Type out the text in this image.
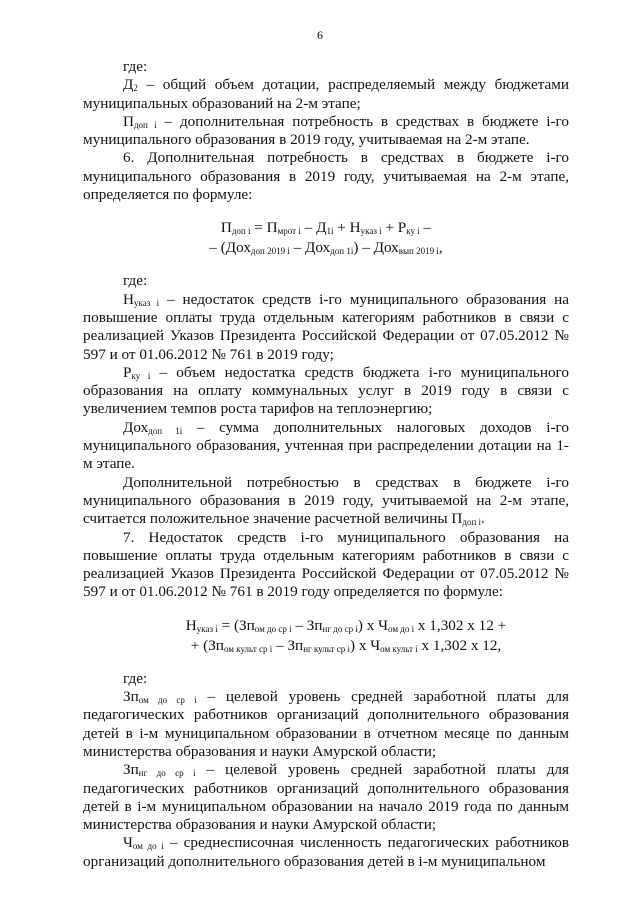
6

где:

$Д_2$ – общий объем дотации, распределяемый между бюджетами муниципальных образований на 2-м этапе;

$П_{доп i}$ – дополнительная потребность в средствах в бюджете i-го муниципального образования в 2019 году, учитываемая на 2-м этапе.

6. Дополнительная потребность в средствах в бюджете i-го муниципального образования в 2019 году, учитываемая на 2-м этапе, определяется по формуле:

$П_{доп i} = П_{мрот i} - Д_{1i} + Н_{указ i} + Р_{ку i}$ –

– (Дох$_{доп 2019 i}$ – Дох$_{доп 1i}$) – Дох$_{вып 2019 i}$,

где:

$Н_{указ i}$ – недостаток средств i-го муниципального образования на повышение оплаты труда отдельным категориям работников в связи с реализацией Указов Президента Российской Федерации от 07.05.2012 № 597 и от 01.06.2012 № 761 в 2019 году;

$Р_{ку i}$ – объем недостатка средств бюджета i-го муниципального образования на оплату коммунальных услуг в 2019 году в связи с увеличением темпов роста тарифов на теплоэнергию;

Дох$_{доп 1i}$ – сумма дополнительных налоговых доходов i-го муниципального образования, учтенная при распределении дотации на 1-м этапе.

Дополнительной потребностью в средствах в бюджете i-го муниципального образования в 2019 году, учитываемой на 2-м этапе, считается положительное значение расчетной величины $П_{доп i}$.

7. Недостаток средств i-го муниципального образования на повышение оплаты труда отдельным категориям работников в связи с реализацией Указов Президента Российской Федерации от 07.05.2012 № 597 и от 01.06.2012 № 761 в 2019 году определяется по формуле:

$Н_{указ i} = (Зп_{ом до ср i} - Зп_{нг до ср i})$ х $Ч_{ом до i}$ х 1,302 х 12 +

+ $(Зп_{ом культ ср i} - Зп_{нг культ ср i})$ х $Ч_{ом культ i}$ х 1,302 х 12,

где:

$Зп_{ом до ср i}$ – целевой уровень средней заработной платы для педагогических работников организаций дополнительного образования детей в i-м муниципальном образовании в отчетном месяце по данным министерства образования и науки Амурской области;

$Зп_{нг до ср i}$ – целевой уровень средней заработной платы для педагогических работников организаций дополнительного образования детей в i-м муниципальном образовании на начало 2019 года по данным министерства образования и науки Амурской области;

$Ч_{ом до i}$ – среднесписочная численность педагогических работников организаций дополнительного образования детей в i-м муниципальном
